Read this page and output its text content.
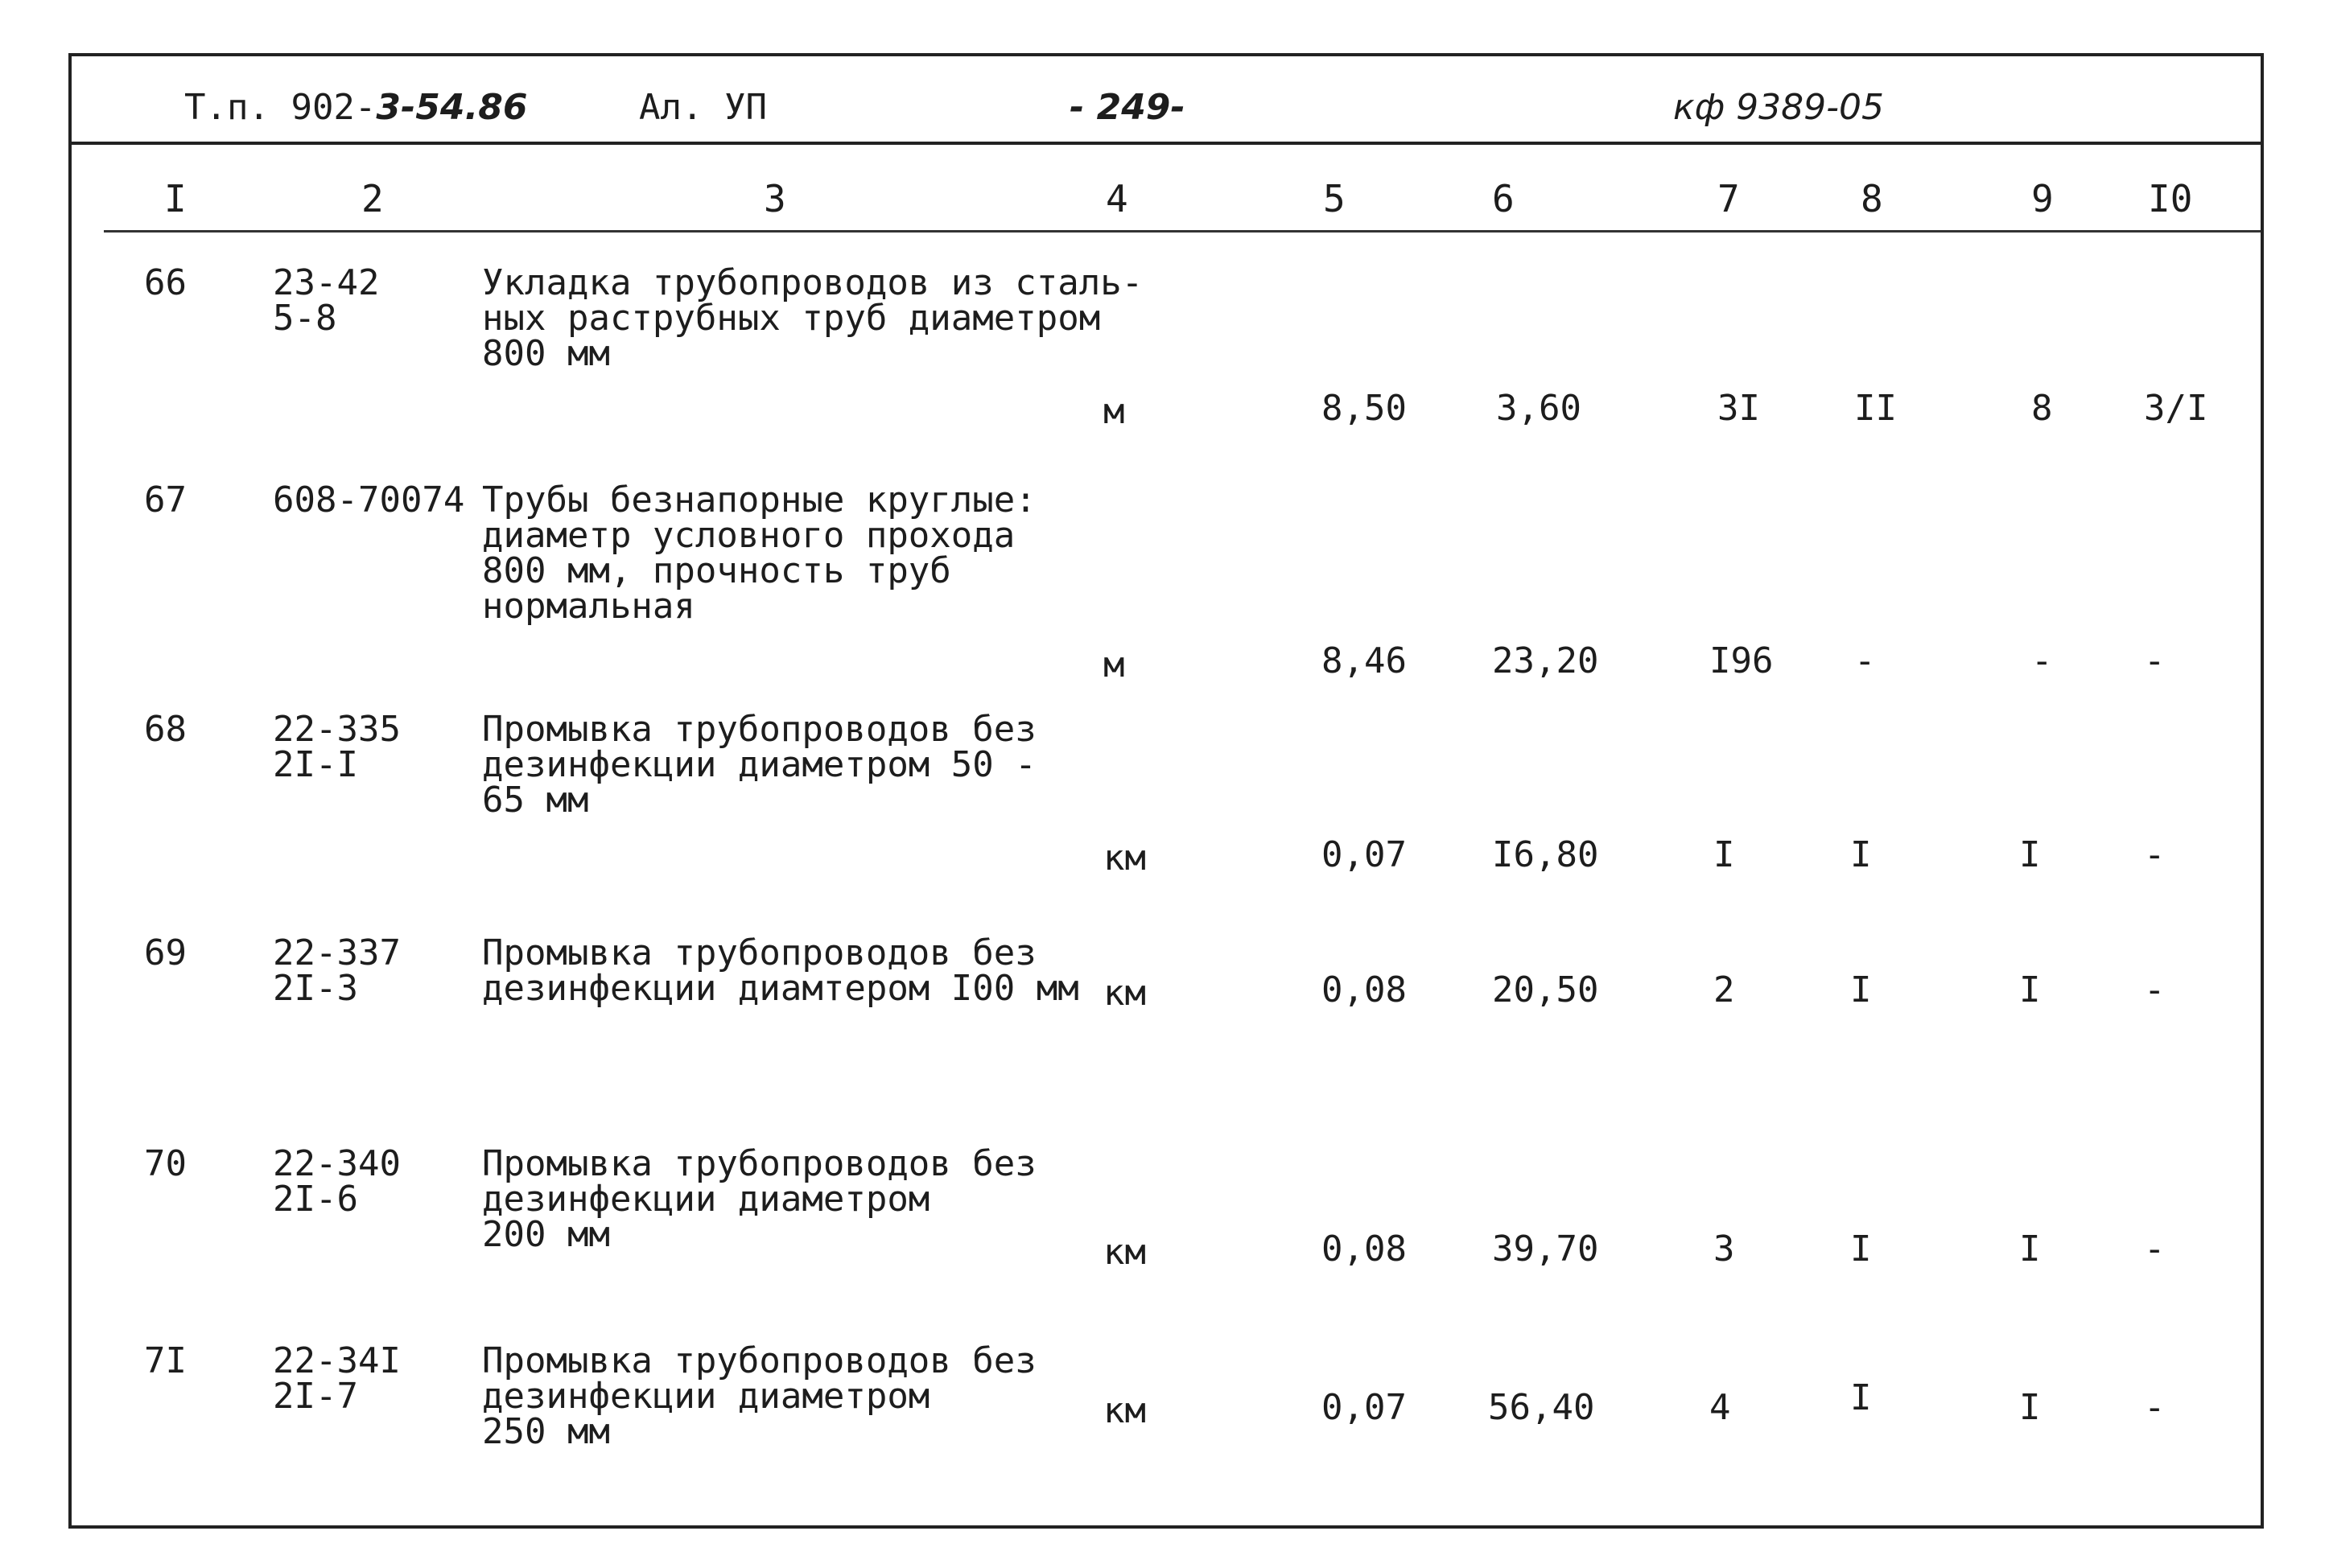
Т.п. 902-3-54.86	Ал. УП	- 249-	кф 9389-05
I	2	3	4	5	6	7	8	9	I0
66 23-42
5-8
Укладка трубопроводов из сталь-
ных раструбных труб диаметром
800 мм
м	8,50	3,60	3I	II	8	3/I
67 608-70074 Трубы безнапорные круглые:
диаметр условного прохода
800 мм, прочность труб
нормальная
м	8,46 23,20	I96 -	-	-
68 22-335
2I-I
Промывка трубопроводов без
дезинфекции диаметром 50 -
65 мм
км	0,07 I6,80	I	I	I	-
69 22-337
2I-3
Промывка трубопроводов без
дезинфекции диамтером I00 мм км	0,08 20,50	2	I	I	-
70 22-340
2I-6
Промывка трубопроводов без
дезинфекции диаметром
200 мм	км	0,08 39,70	3	I	I	-
7I 22-34I
2I-7
Промывка трубопроводов без
дезинфекции диаметром
250 мм
км	0,07 56,40	4	I	I	-
